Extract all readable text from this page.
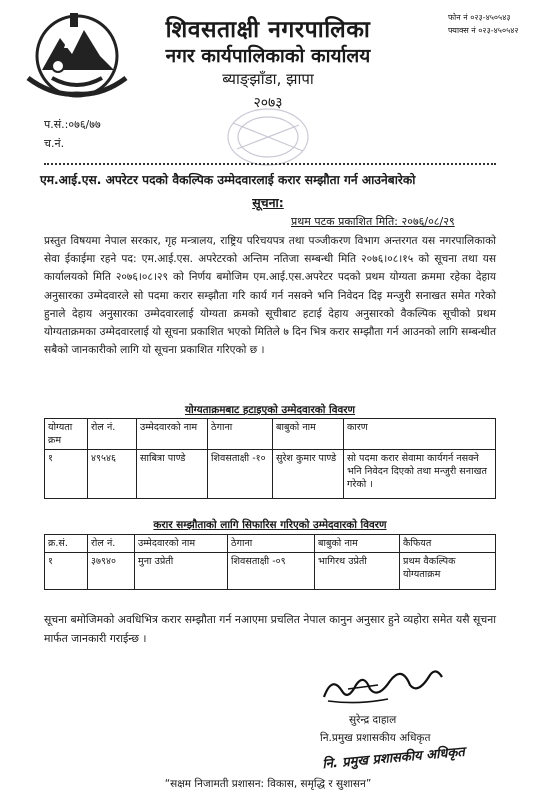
शिवसताक्षी नगरपालिका
नगर कार्यपालिकाको कार्यालय
ब्याङ्झाँडा, झापा
२०७३
फोन नं ०२३-४५०५४३
फ्याक्स नं ०२३-४५०५४२
प.सं.:०७६/७७
च.नं.
एम.आई.एस. अपरेटर पदको वैकल्पिक उम्मेदवारलाई करार सम्झौता गर्न आउनेबारेको
सूचना:
प्रथम पटक प्रकाशित मिति: २०७६/०८/२९

प्रस्तुत विषयमा नेपाल सरकार, गृह मन्त्रालय, राष्ट्रिय परिचयपत्र तथा पञ्जीकरण विभाग अन्तरगत यस नगरपालिकाको सेवा ईकाईमा रहने पद: एम.आई.एस. अपरेटरको अन्तिम नतिजा सम्बन्धी मिति २०७६।०८।१५ को सूचना तथा यस कार्यालयको मिति २०७६।०८।२९ को निर्णय बमोजिम एम.आई.एस.अपरेटर पदको प्रथम योग्यता क्रममा रहेका देहाय अनुसारका उम्मेदवारले सो पदमा करार सम्झौता गरि कार्य गर्न नसक्ने भनि निवेदन दिइ मन्जुरी सनाखत समेत गरेको हुनाले देहाय अनुसारका उम्मेदवारलाई योग्यता क्रमको सूचीबाट हटाई देहाय अनुसारको वैकल्पिक सूचीको प्रथम योग्यताक्रमका उम्मेदवारलाई यो सूचना प्रकाशित भएको मितिले ७ दिन भित्र करार सम्झौता गर्न आउनको लागि सम्बन्धीत सबैको जानकारीको लागि यो सूचना प्रकाशित गरिएको छ ।

योग्यताक्रमबाट हटाइएको उम्मेदवारको विवरण
योग्यता क्रम	रोल नं.	उम्मेदवारको नाम	ठेगाना	बाबुको नाम	कारण
१	४९५४६	साबित्रा पाण्डे	शिवसताक्षी -१०	सुरेश कुमार पाण्डे	सो पदमा करार सेवामा कार्यगर्न नसक्ने भनि निवेदन दिएको तथा मन्जुरी सनाखत गरेको ।
करार सम्झौताको लागि सिफारिस गरिएको उम्मेदवारको विवरण
क्र.सं.	रोल नं.	उम्मेदवारको नाम	ठेगाना	बाबुको नाम	कैफियत
१	३७९४०	मुना उप्रेती	शिवसताक्षी -०९	भागिरथ उप्रेती	प्रथम वैकल्पिक योग्यताक्रम
सूचना बमोजिमको अवधिभित्र करार सम्झौता गर्न नआएमा प्रचलित नेपाल कानुन अनुसार हुने व्यहोरा समेत यसै सूचना मार्फत जानकारी गराईन्छ ।
सुरेन्द्र दाहाल
नि.प्रमुख प्रशासकीय अधिकृत
नि. प्रमुख प्रशासकीय अधिकृत
“सक्षम निजामती प्रशासन: विकास, समृद्धि र सुशासन”
